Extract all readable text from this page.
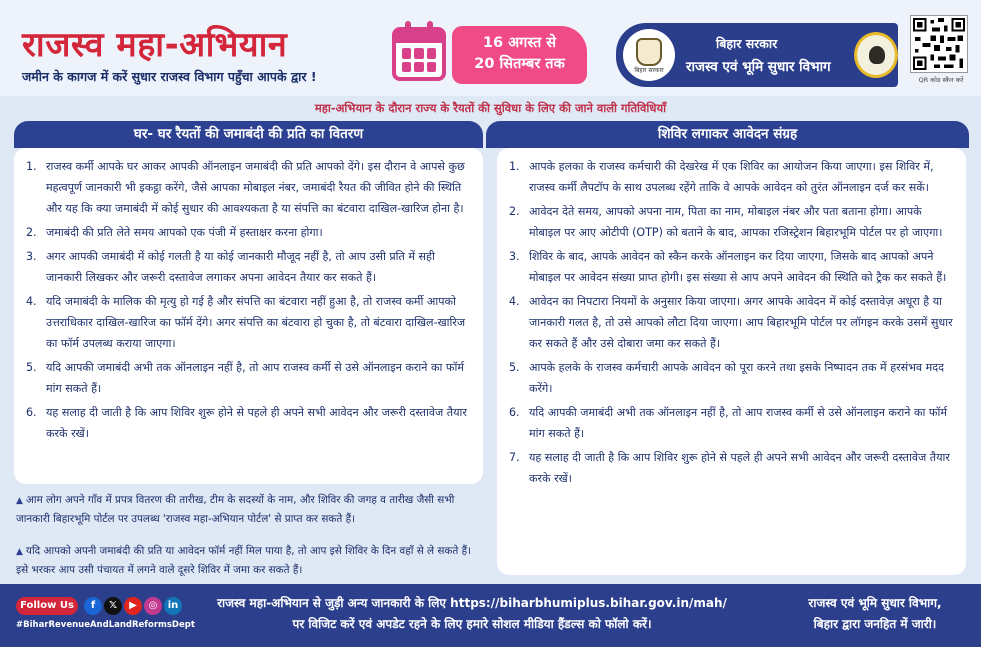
राजस्व महा-अभियान
जमीन के कागज में करें सुधार राजस्व विभाग पहुँचा आपके द्वार !
16 अगस्त से
20 सितम्बर तक	बिहार सरकार
बिहार सरकार
राजस्व एवं भूमि सुधार विभाग
QR कोड स्कैन करें
महा-अभियान के दौरान राज्य के रैयतों की सुविधा के लिए की जाने वाली गतिविधियाँ
घर- घर रैयतों की जमाबंदी की प्रति का वितरण	शिविर लगाकर आवेदन संग्रह
1. राजस्व कर्मी आपके घर आकर आपकी ऑनलाइन जमाबंदी की प्रति आपको देंगे। इस दौरान वे आपसे कुछ महत्वपूर्ण जानकारी भी इकट्ठा करेंगे, जैसे आपका मोबाइल नंबर, जमाबंदी रैयत की जीवित होने की स्थिति और यह कि क्या जमाबंदी में कोई सुधार की आवश्यकता है या संपत्ति का बंटवारा दाखिल-खारिज होना है।
2. जमाबंदी की प्रति लेते समय आपको एक पंजी में हस्ताक्षर करना होगा।
3. अगर आपकी जमाबंदी में कोई गलती है या कोई जानकारी मौजूद नहीं है, तो आप उसी प्रति में सही जानकारी लिखकर और जरूरी दस्तावेज लगाकर अपना आवेदन तैयार कर सकते हैं।
4. यदि जमाबंदी के मालिक की मृत्यु हो गई है और संपत्ति का बंटवारा नहीं हुआ है, तो राजस्व कर्मी आपको उत्तराधिकार दाखिल-खारिज का फॉर्म देंगे। अगर संपत्ति का बंटवारा हो चुका है, तो बंटवारा दाखिल-खारिज का फॉर्म उपलब्ध कराया जाएगा।
5. यदि आपकी जमाबंदी अभी तक ऑनलाइन नहीं है, तो आप राजस्व कर्मी से उसे ऑनलाइन कराने का फॉर्म मांग सकते हैं।
6. यह सलाह दी जाती है कि आप शिविर शुरू होने से पहले ही अपने सभी आवेदन और जरूरी दस्तावेज तैयार करके रखें।
▲ आम लोग अपने गाँव में प्रपत्र वितरण की तारीख, टीम के सदस्यों के नाम, और शिविर की जगह व तारीख जैसी सभी जानकारी बिहारभूमि पोर्टल पर उपलब्ध 'राजस्व महा-अभियान पोर्टल' से प्राप्त कर सकते हैं।
▲ यदि आपको अपनी जमाबंदी की प्रति या आवेदन फॉर्म नहीं मिल पाया है, तो आप इसे शिविर के दिन वहाँ से ले सकते हैं। इसे भरकर आप उसी पंचायत में लगने वाले दूसरे शिविर में जमा कर सकते हैं।
1. आपके हलका के राजस्व कर्मचारी की देखरेख में एक शिविर का आयोजन किया जाएगा। इस शिविर में, राजस्व कर्मी लैपटॉप के साथ उपलब्ध रहेंगे ताकि वे आपके आवेदन को तुरंत ऑनलाइन दर्ज कर सकें।
2. आवेदन देते समय, आपको अपना नाम, पिता का नाम, मोबाइल नंबर और पता बताना होगा। आपके मोबाइल पर आए ओटीपी (OTP) को बताने के बाद, आपका रजिस्ट्रेशन बिहारभूमि पोर्टल पर हो जाएगा।
3. शिविर के बाद, आपके आवेदन को स्कैन करके ऑनलाइन कर दिया जाएगा, जिसके बाद आपको अपने मोबाइल पर आवेदन संख्या प्राप्त होगी। इस संख्या से आप अपने आवेदन की स्थिति को ट्रैक कर सकते हैं।
4. आवेदन का निपटारा नियमों के अनुसार किया जाएगा। अगर आपके आवेदन में कोई दस्तावेज़ अधूरा है या जानकारी गलत है, तो उसे आपको लौटा दिया जाएगा। आप बिहारभूमि पोर्टल पर लॉगइन करके उसमें सुधार कर सकते हैं और उसे दोबारा जमा कर सकते हैं।
5. आपके हलके के राजस्व कर्मचारी आपके आवेदन को पूरा करने तथा इसके निष्पादन तक में हरसंभव मदद करेंगे।
6. यदि आपकी जमाबंदी अभी तक ऑनलाइन नहीं है, तो आप राजस्व कर्मी से उसे ऑनलाइन कराने का फॉर्म मांग सकते हैं।
7. यह सलाह दी जाती है कि आप शिविर शुरू होने से पहले ही अपने सभी आवेदन और जरूरी दस्तावेज तैयार करके रखें।
Follow Us	f	𝕏	▶	◎	in
#BiharRevenueAndLandReformsDept
राजस्व महा-अभियान से जुड़ी अन्य जानकारी के लिए https://biharbhumiplus.bihar.gov.in/mah/
पर विजिट करें एवं अपडेट रहने के लिए हमारे सोशल मीडिया हैंडल्स को फॉलो करें।
राजस्व एवं भूमि सुधार विभाग,
बिहार द्वारा जनहित में जारी।
